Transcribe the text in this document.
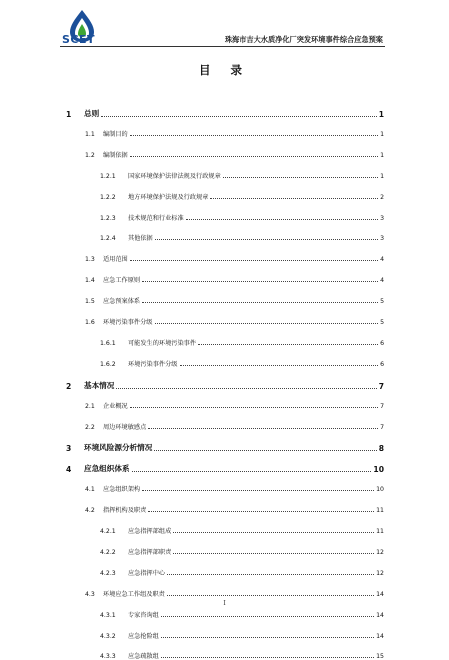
SCET	珠海市吉大水质净化厂突发环境事件综合应急预案
目 录
1	总则	1
1.1	编制目的	1
1.2	编制依据	1
1.2.1	国家环境保护法律法规及行政规章	1
1.2.2	地方环境保护法规及行政规章	2
1.2.3	技术规范和行业标准	3
1.2.4	其他依据	3
1.3	适用范围	4
1.4	应急工作原则	4
1.5	应急预案体系	5
1.6	环境污染事件分级	5
1.6.1	可能发生的环境污染事件	6
1.6.2	环境污染事件分级	6
2	基本情况	7
2.1	企业概况	7
2.2	周边环境敏感点	7
3	环境风险源分析情况	8
4	应急组织体系	10
4.1	应急组织架构	10
4.2	指挥机构及职责	11
4.2.1	应急指挥部组成	11
4.2.2	应急指挥部职责	12
4.2.3	应急指挥中心	12
4.3	环境应急工作组及职责	14
4.3.1	专家咨询组	14
4.3.2	应急抢险组	14
4.3.3	应急疏散组	15
I
